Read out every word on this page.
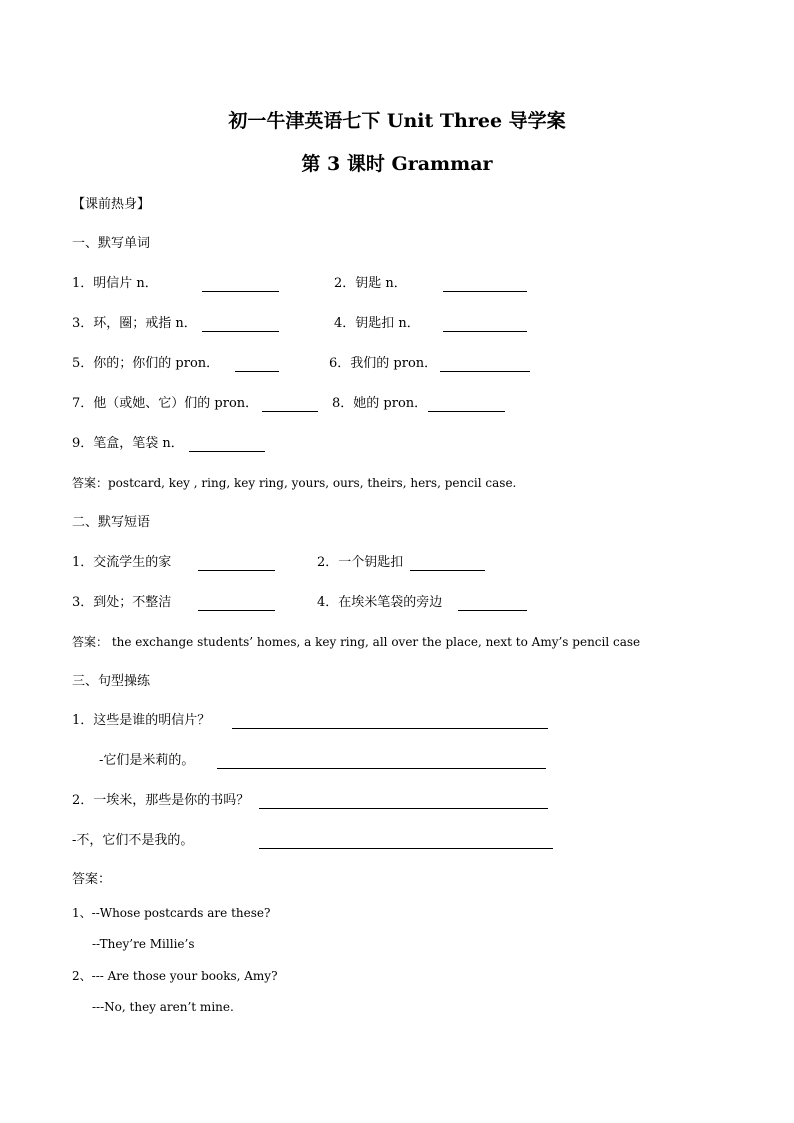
初一牛津英语七下 Unit Three 导学案
第 3 课时 Grammar
【课前热身】
一、默写单词
1．明信片 n．	2．钥匙 n．
3．环，圈；戒指 n．	4．钥匙扣 n．
5．你的；你们的 pron．	6．我们的 pron．
7．他（或她、它）们的 pron．	8．她的 pron．
9．笔盒，笔袋 n．
答案：postcard, key , ring, key ring, yours, ours, theirs, hers, pencil case.
二、默写短语
1．交流学生的家	2．一个钥匙扣
3．到处；不整洁	4．在埃米笔袋的旁边
答案： the exchange students’ homes, a key ring, all over the place, next to Amy’s pencil case
三、句型操练
1．这些是谁的明信片？
-它们是米莉的。
2．一埃米，那些是你的书吗？
-不，它们不是我的。
答案：
1、--Whose postcards are these?
--They’re Millie’s
2、--- Are those your books, Amy?
---No, they aren’t mine.
